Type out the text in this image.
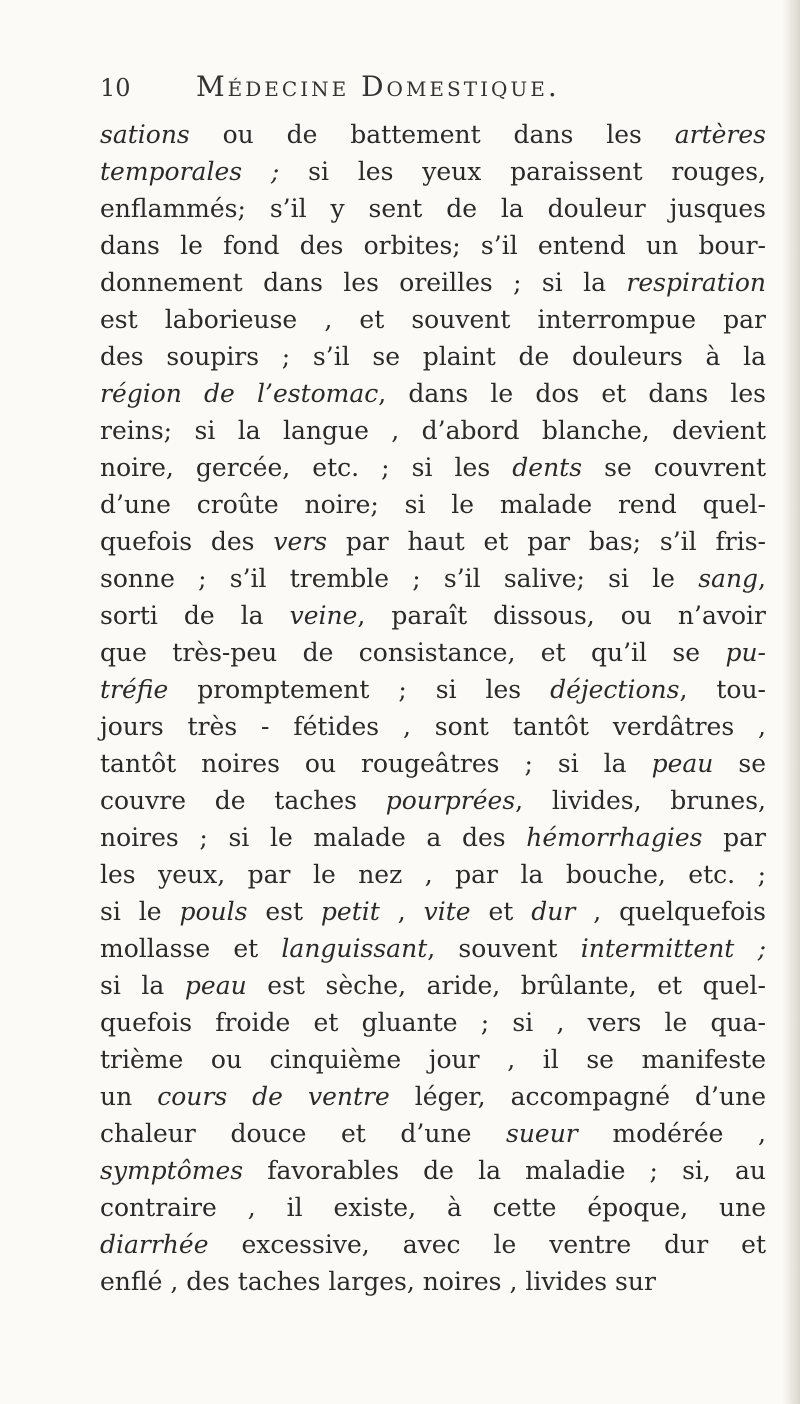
10	Médecine Domestique.
sations ou de battement dans les artères
temporales ; si les yeux paraissent rouges,
enflammés; s’il y sent de la douleur jusques
dans le fond des orbites; s’il entend un bour-
donnement dans les oreilles ; si la respiration
est laborieuse , et souvent interrompue par
des soupirs ; s’il se plaint de douleurs à la
région de l’estomac, dans le dos et dans les
reins; si la langue , d’abord blanche, devient
noire, gercée, etc. ; si les dents se couvrent
d’une croûte noire; si le malade rend quel-
quefois des vers par haut et par bas; s’il fris-
sonne ; s’il tremble ; s’il salive; si le sang,
sorti de la veine, paraît dissous, ou n’avoir
que très-peu de consistance, et qu’il se pu-
tréfie promptement ; si les déjections, tou-
jours très - fétides , sont tantôt verdâtres ,
tantôt noires ou rougeâtres ; si la peau se
couvre de taches pourprées, livides, brunes,
noires ; si le malade a des hémorrhagies par
les yeux, par le nez , par la bouche, etc. ;
si le pouls est petit , vite et dur , quelquefois
mollasse et languissant, souvent intermittent ;
si la peau est sèche, aride, brûlante, et quel-
quefois froide et gluante ; si , vers le qua-
trième ou cinquième jour , il se manifeste
un cours de ventre léger, accompagné d’une
chaleur douce et d’une sueur modérée ,
symptômes favorables de la maladie ; si, au
contraire , il existe, à cette époque, une
diarrhée excessive, avec le ventre dur et
enflé , des taches larges, noires , livides sur
